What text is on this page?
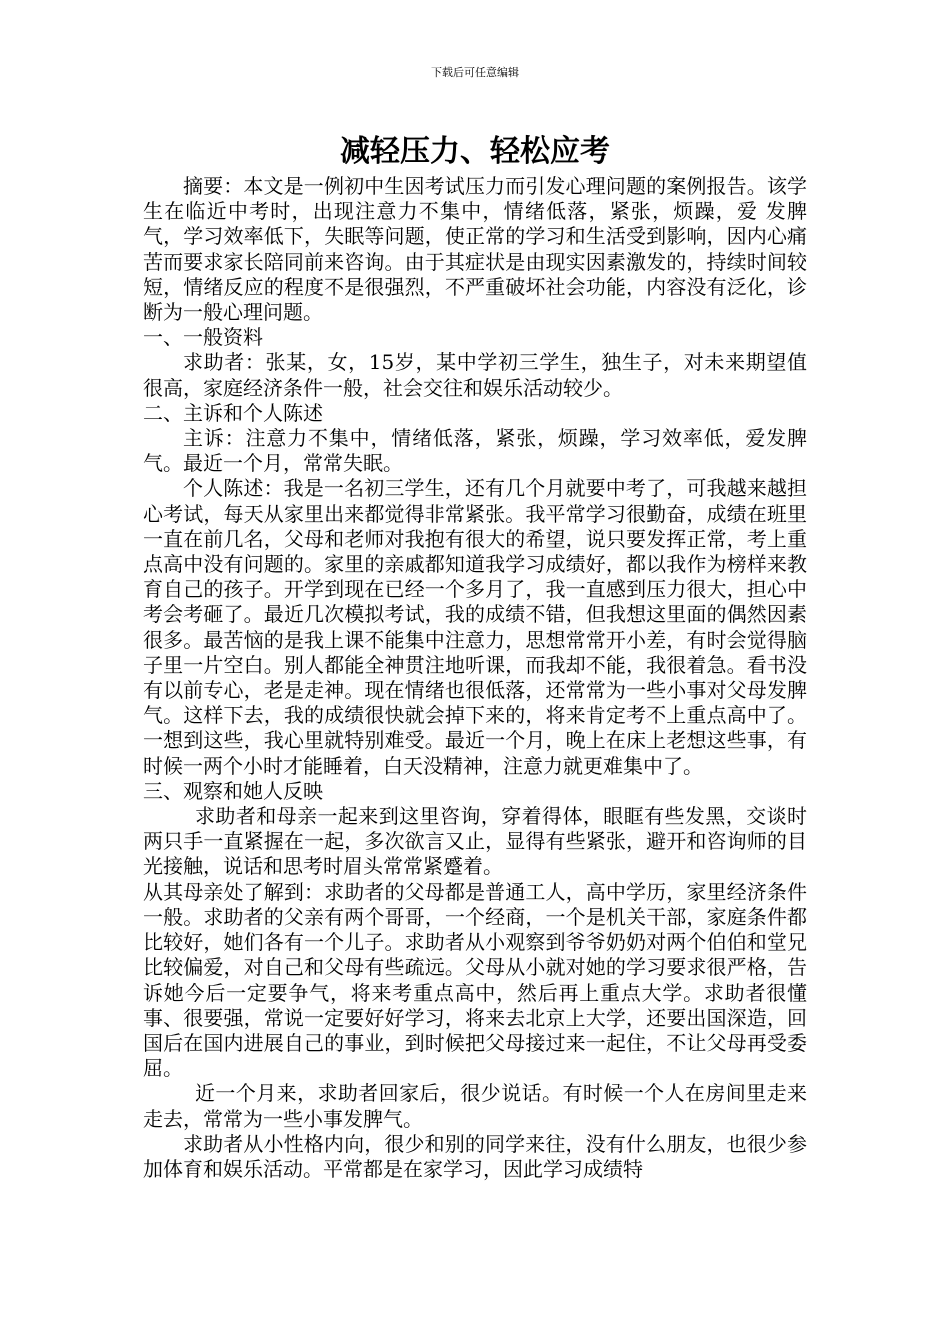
下载后可任意编辑

减轻压力、轻松应考

摘要：本文是一例初中生因考试压力而引发心理问题的案例报告。该学生在临近中考时，出现注意力不集中，情绪低落，紧张，烦躁，爱 发脾气，学习效率低下，失眠等问题，使正常的学习和生活受到影响，因内心痛苦而要求家长陪同前来咨询。由于其症状是由现实因素激发的，持续时间较短，情绪反应的程度不是很强烈，不严重破坏社会功能，内容没有泛化，诊断为一般心理问题。

一、一般资料

求助者：张某，女，15岁，某中学初三学生，独生子，对未来期望值很高，家庭经济条件一般，社会交往和娱乐活动较少。

二、主诉和个人陈述

主诉：注意力不集中，情绪低落，紧张，烦躁，学习效率低，爱发脾气。最近一个月，常常失眠。

个人陈述：我是一名初三学生，还有几个月就要中考了，可我越来越担心考试，每天从家里出来都觉得非常紧张。我平常学习很勤奋，成绩在班里一直在前几名，父母和老师对我抱有很大的希望，说只要发挥正常，考上重点高中没有问题的。家里的亲戚都知道我学习成绩好，都以我作为榜样来教育自己的孩子。开学到现在已经一个多月了，我一直感到压力很大，担心中考会考砸了。最近几次模拟考试，我的成绩不错，但我想这里面的偶然因素很多。最苦恼的是我上课不能集中注意力，思想常常开小差，有时会觉得脑子里一片空白。别人都能全神贯注地听课，而我却不能，我很着急。看书没有以前专心，老是走神。现在情绪也很低落，还常常为一些小事对父母发脾气。这样下去，我的成绩很快就会掉下来的，将来肯定考不上重点高中了。一想到这些，我心里就特别难受。最近一个月，晚上在床上老想这些事，有时候一两个小时才能睡着，白天没精神，注意力就更难集中了。

三、观察和她人反映

求助者和母亲一起来到这里咨询，穿着得体，眼眶有些发黑，交谈时两只手一直紧握在一起，多次欲言又止，显得有些紧张，避开和咨询师的目光接触，说话和思考时眉头常常紧蹙着。

从其母亲处了解到：求助者的父母都是普通工人，高中学历，家里经济条件一般。求助者的父亲有两个哥哥，一个经商，一个是机关干部，家庭条件都比较好，她们各有一个儿子。求助者从小观察到爷爷奶奶对两个伯伯和堂兄比较偏爱，对自己和父母有些疏远。父母从小就对她的学习要求很严格，告诉她今后一定要争气，将来考重点高中，然后再上重点大学。求助者很懂事、很要强，常说一定要好好学习，将来去北京上大学，还要出国深造，回国后在国内进展自己的事业，到时候把父母接过来一起住，不让父母再受委屈。

近一个月来，求助者回家后，很少说话。有时候一个人在房间里走来走去，常常为一些小事发脾气。

求助者从小性格内向，很少和别的同学来往，没有什么朋友，也很少参加体育和娱乐活动。平常都是在家学习，因此学习成绩特
